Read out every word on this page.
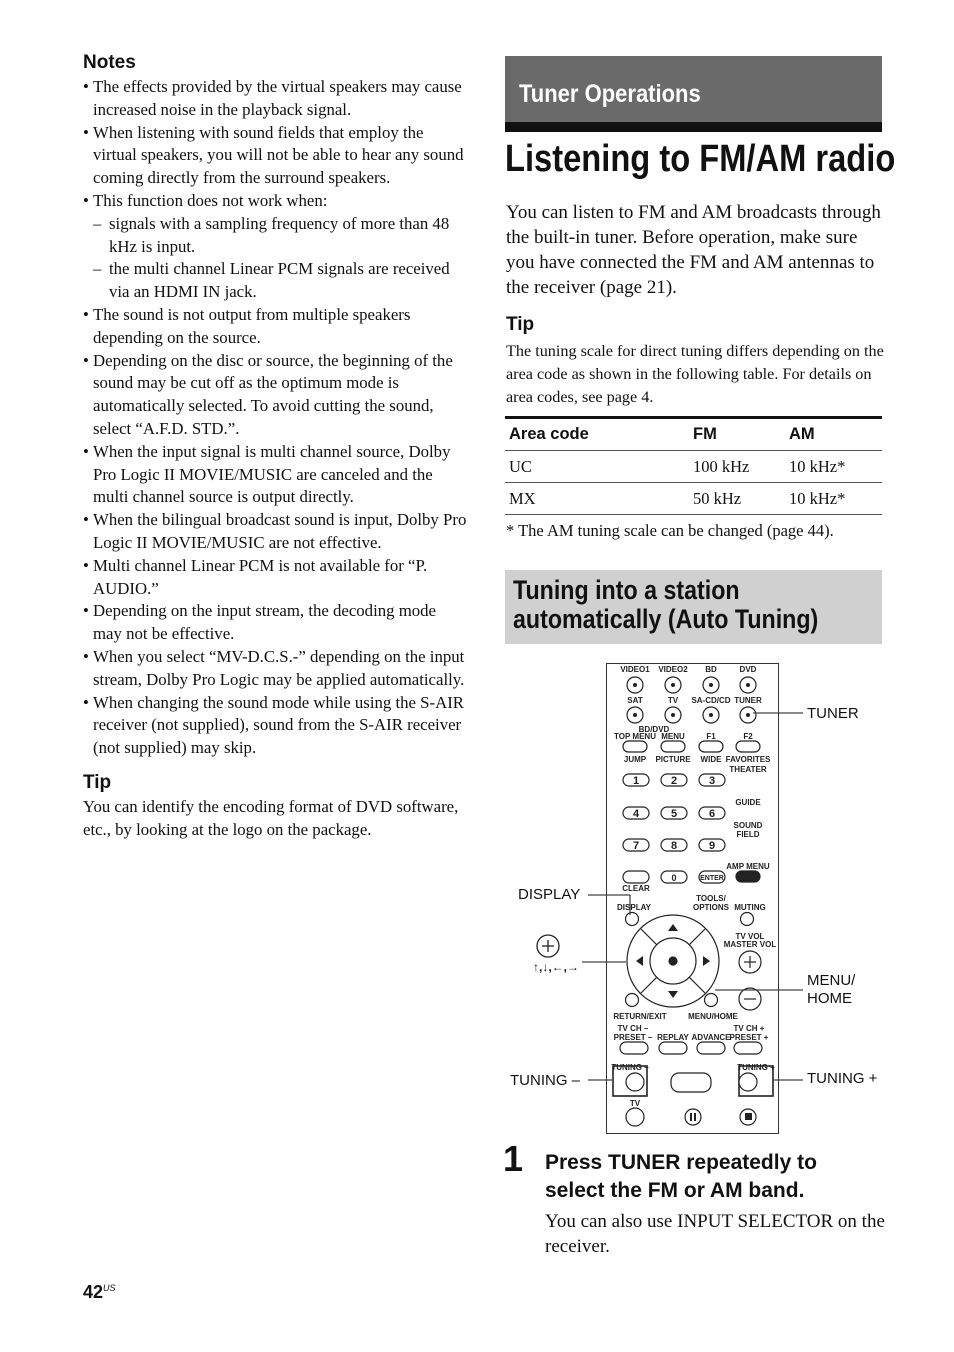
Notes
• The effects provided by the virtual speakers may cause increased noise in the playback signal.
• When listening with sound fields that employ the virtual speakers, you will not be able to hear any sound coming directly from the surround speakers.
• This function does not work when:
– signals with a sampling frequency of more than 48 kHz is input.
– the multi channel Linear PCM signals are received via an HDMI IN jack.
• The sound is not output from multiple speakers depending on the source.
• Depending on the disc or source, the beginning of the sound may be cut off as the optimum mode is automatically selected. To avoid cutting the sound, select “A.F.D. STD.”.
• When the input signal is multi channel source, Dolby Pro Logic II MOVIE/MUSIC are canceled and the multi channel source is output directly.
• When the bilingual broadcast sound is input, Dolby Pro Logic II MOVIE/MUSIC are not effective.
• Multi channel Linear PCM is not available for “P. AUDIO.”
• Depending on the input stream, the decoding mode may not be effective.
• When you select “MV-D.C.S.-” depending on the input stream, Dolby Pro Logic may be applied automatically.
• When changing the sound mode while using the S-AIR receiver (not supplied), sound from the S-AIR receiver (not supplied) may skip.
Tip

You can identify the encoding format of DVD software, etc., by looking at the logo on the package.

Tuner Operations
Listening to FM/AM radio

You can listen to FM and AM broadcasts through the built-in tuner. Before operation, make sure you have connected the FM and AM antennas to the receiver (page 21).

Tip

The tuning scale for direct tuning differs depending on the area code as shown in the following table. For details on area codes, see page 4.

Area code	FM	AM
UC	100 kHz	10 kHz*
MX	50 kHz	10 kHz*
* The AM tuning scale can be changed (page 44).
Tuning into a station
automatically (Auto Tuning)
VIDEO1 VIDEO2 BD	DVD
SAT	TV SA-CD/CD TUNER
BD/DVD
TOP MENU MENU	F1	F2
JUMP PICTURE WIDE FAVORITES
THEATER
1	2	3
4	5	6
7	8	9
0
GUIDE
SOUND
FIELD
AMP MENU
CLEAR
ENTER
TOOLS/
OPTIONS
DISPLAY	MUTING
TV VOL
MASTER VOL
RETURN/EXIT	MENU/HOME
TV CH –
PRESET – REPLAY ADVANCE
TV CH +
PRESET +
TUNING –	TUNING +
TV
TUNER
DISPLAY
↑,↓,←,→
MENU/
HOME
TUNING –	TUNING +
1 Press TUNER repeatedly to select the FM or AM band.
You can also use INPUT SELECTOR on the receiver.
$42^{US}$
